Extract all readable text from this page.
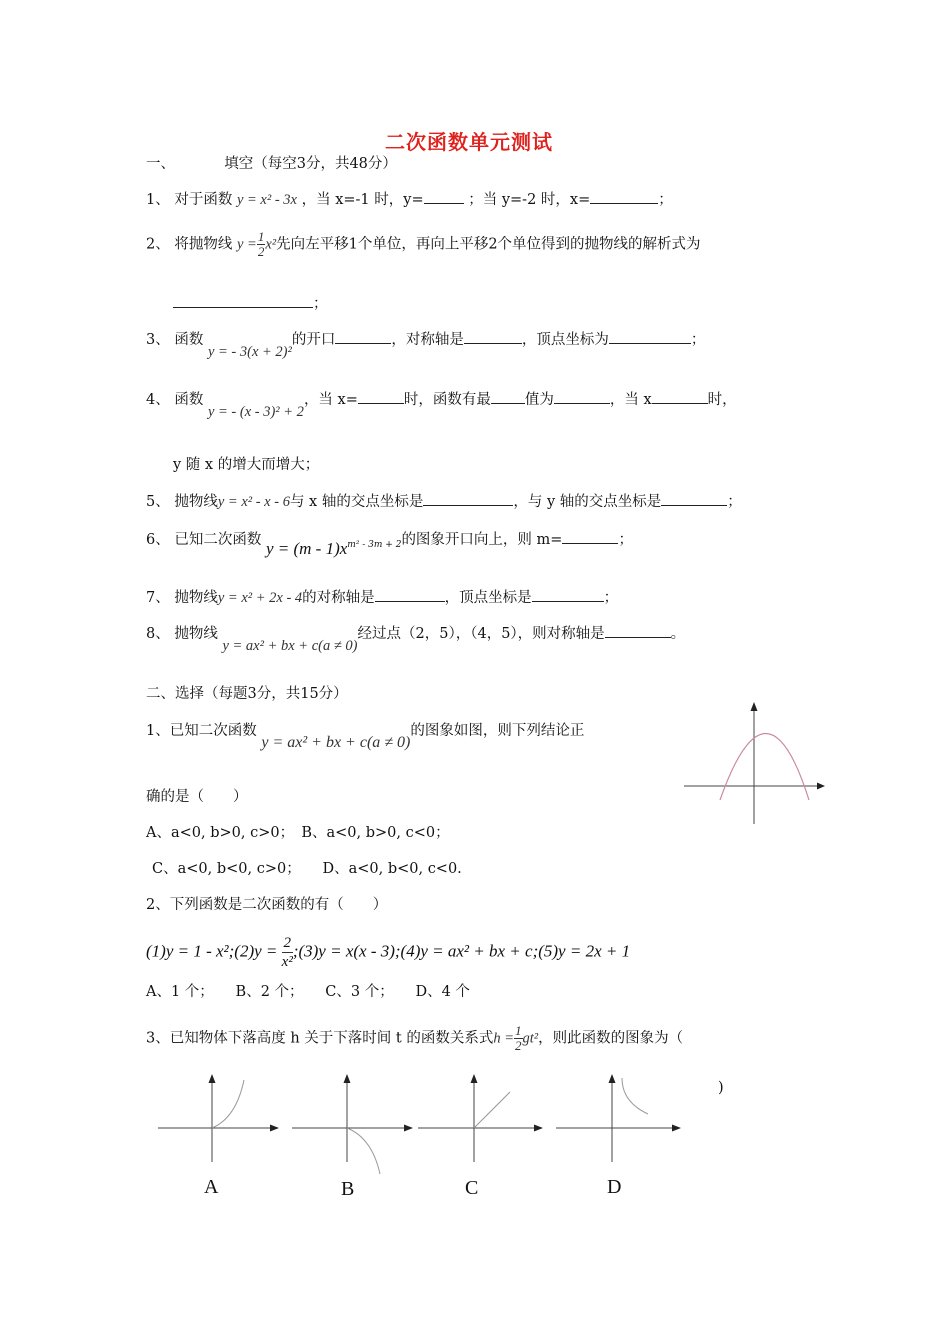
二次函数单元测试
一、	填空（每空3分，共48分）
1、 对于函数 y = x² - 3x ，当 x=-1 时，y=	；当 y=-2 时，x=	；
2、 将抛物线 $y = \frac{1}{2} x^2$先向左平移1个单位，再向上平移2个单位得到的抛物线的解析式为
；
3、 函数 y = - 3(x + 2)²的开口	，对称轴是	，顶点坐标为	；
4、 函数 y = - (x - 3)² + 2，当 x=	时，函数有最 值为	，当 x	时，
y 随 x 的增大而增大；
5、 抛物线y = x² - x - 6与 x 轴的交点坐标是	，与 y 轴的交点坐标是	；
6、 已知二次函数 $y = (m - 1)x^{m^2 - 3m + 2}$的图象开口向上，则 m=	；
7、 抛物线y = x² + 2x - 4的对称轴是	，顶点坐标是	；
8、 抛物线 y = ax² + bx + c(a ≠ 0)经过点（2，5），（4，5），则对称轴是	。
二、选择（每题3分，共15分）
1、已知二次函数 y = ax² + bx + c(a ≠ 0)的图象如图，则下列结论正
确的是（　　）
A、a<0, b>0, c>0；　B、a<0, b>0, c<0；
C、a<0, b<0, c>0；　　D、a<0, b<0, c<0.
2、下列函数是二次函数的有（　　）
(1)y = 1 - x²;(2)y = $\frac{2}{\text{x²}}$ ;(3)y = x(x - 3);(4)y = ax² + bx + c;(5)y = 2x + 1
A、1 个；　　B、2 个；　　C、3 个；　　D、4 个
3、已知物体下落高度 h 关于下落时间 t 的函数关系式$h = \frac{1}{2} gt^2$，则此函数的图象为（
)
A	B	C	D
